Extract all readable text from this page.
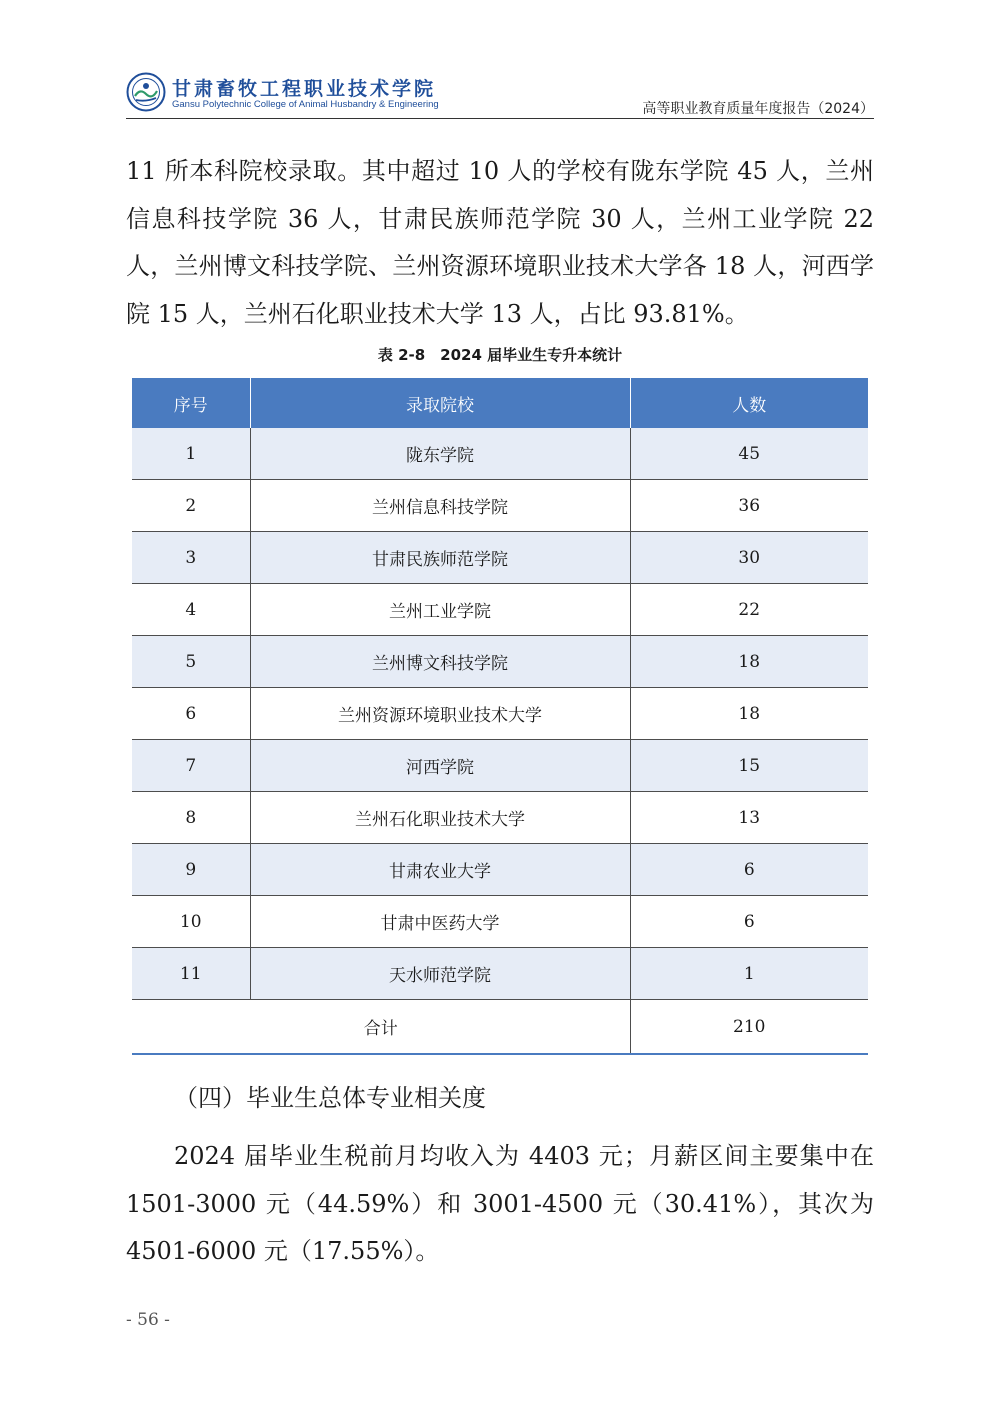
甘肃畜牧工程职业技术学院
Gansu Polytechnic College of Animal Husbandry & Engineering	高等职业教育质量年度报告（2024）

11 所本科院校录取。其中超过 10 人的学校有陇东学院 45 人，兰州信息科技学院 36 人，甘肃民族师范学院 30 人，兰州工业学院 22 人，兰州博文科技学院、兰州资源环境职业技术大学各 18 人，河西学院 15 人，兰州石化职业技术大学 13 人，占比 93.81%。

表 2-8　2024 届毕业生专升本统计
序号	录取院校	人数
1	陇东学院	45
2	兰州信息科技学院	36
3	甘肃民族师范学院	30
4	兰州工业学院	22
5	兰州博文科技学院	18
6	兰州资源环境职业技术大学	18
7	河西学院	15
8	兰州石化职业技术大学	13
9	甘肃农业大学	6
10	甘肃中医药大学	6
11	天水师范学院	1
合计		210
（四）毕业生总体专业相关度

2024 届毕业生税前月均收入为 4403 元；月薪区间主要集中在 1501-3000 元（44.59%）和 3001-4500 元（30.41%），其次为 4501-6000 元（17.55%）。

- 56 -
